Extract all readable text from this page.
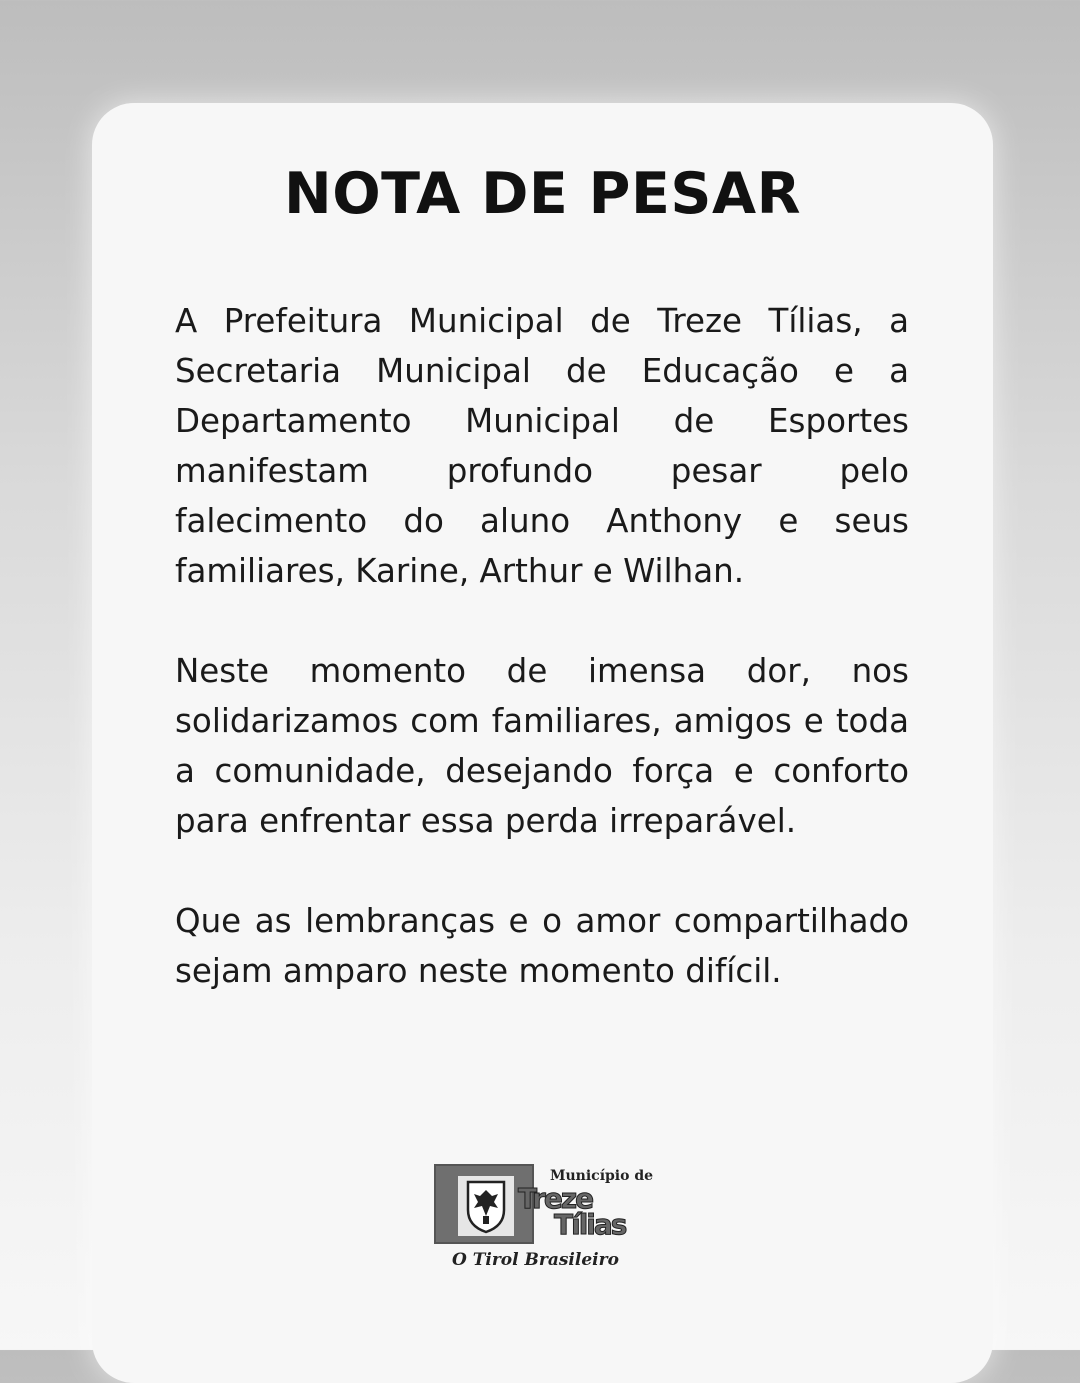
NOTA DE PESAR

A Prefeitura Municipal de Treze Tílias, a Secretaria Municipal de Educação e a Departamento Municipal de Esportes manifestam profundo pesar pelo falecimento do aluno Anthony e seus familiares, Karine, Arthur e Wilhan.

Neste momento de imensa dor, nos solidarizamos com familiares, amigos e toda a comunidade, desejando força e conforto para enfrentar essa perda irreparável.

Que as lembranças e o amor compartilhado sejam amparo neste momento difícil.

Município de
Treze
Tílias
O Tirol Brasileiro
